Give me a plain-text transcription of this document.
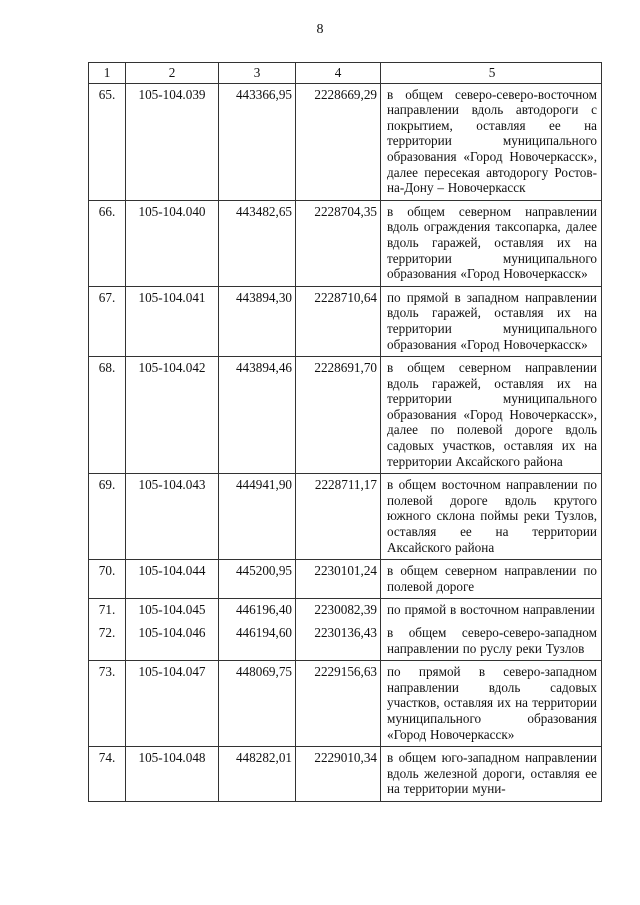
8
1	2	3	4	5
65.	105-104.039	443366,95	2228669,29	в общем северо-северо-восточном направлении вдоль автодороги с покрытием, оставляя ее на территории муниципального образования «Город Новочеркасск», далее пересекая автодорогу Ростов-на-Дону – Новочеркасск
66.	105-104.040	443482,65	2228704,35	в общем северном направлении вдоль ограждения таксопарка, далее вдоль гаражей, оставляя их на территории муниципального образования «Город Новочеркасск»
67.	105-104.041	443894,30	2228710,64	по прямой в западном направлении вдоль гаражей, оставляя их на территории муниципального образования «Город Новочеркасск»
68.	105-104.042	443894,46	2228691,70	в общем северном направлении вдоль гаражей, оставляя их на территории муниципального образования «Город Новочеркасск», далее по полевой дороге вдоль садовых участков, оставляя их на территории Аксайского района
69.	105-104.043	444941,90	2228711,17	в общем восточном направлении по полевой дороге вдоль крутого южного склона поймы реки Тузлов, оставляя ее на территории Аксайского района
70.	105-104.044	445200,95	2230101,24	в общем северном направлении по полевой дороге
71.	105-104.045	446196,40	2230082,39	по прямой в восточном направлении
72.	105-104.046	446194,60	2230136,43	в общем северо-северо-западном направлении по руслу реки Тузлов
73.	105-104.047	448069,75	2229156,63	по прямой в северо-западном направлении вдоль садовых участков, оставляя их на территории муниципального образования «Город Новочеркасск»
74.	105-104.048	448282,01	2229010,34	в общем юго-западном направлении вдоль железной дороги, оставляя ее на территории муни-
